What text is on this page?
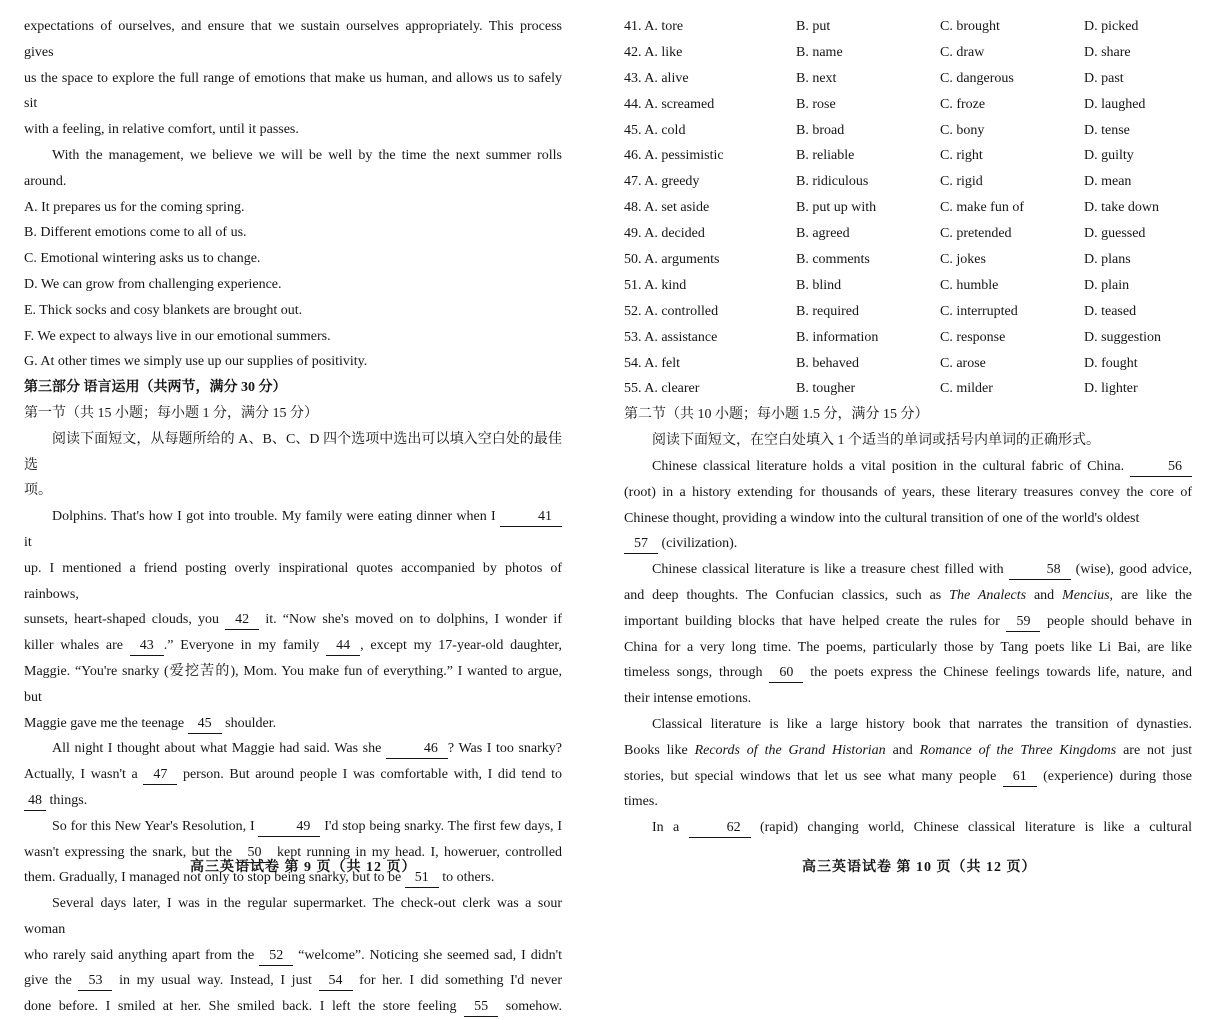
expectations of ourselves, and ensure that we sustain ourselves appropriately. This process gives

us the space to explore the full range of emotions that make us human, and allows us to safely sit

with a feeling, in relative comfort, until it passes.

With the management, we believe we will be well by the time the next summer rolls

around.

A. It prepares us for the coming spring.

B. Different emotions come to all of us.

C. Emotional wintering asks us to change.

D. We can grow from challenging experience.

E. Thick socks and cosy blankets are brought out.

F. We expect to always live in our emotional summers.

G. At other times we simply use up our supplies of positivity.

第三部分 语言运用（共两节，满分 30 分）

第一节（共 15 小题；每小题 1 分，满分 15 分）

阅读下面短文，从每题所给的 A、B、C、D 四个选项中选出可以填入空白处的最佳选

项。

Dolphins. That's how I got into trouble. My family were eating dinner when I	41 it

up. I mentioned a friend posting overly inspirational quotes accompanied by photos of rainbows,

sunsets, heart-shaped clouds, you 42 it. “Now she's moved on to dolphins, I wonder if

killer whales are 43 .” Everyone in my family 44 , except my 17-year-old daughter,

Maggie. “You're snarky (爱挖苦的), Mom. You make fun of everything.” I wanted to argue, but

Maggie gave me the teenage 45 shoulder.

All night I thought about what Maggie had said. Was she	46 ? Was I too snarky?

Actually, I wasn't a 47 person. But around people I was comfortable with, I did tend to

48 things.

So for this New Year's Resolution, I	49 I'd stop being snarky. The first few days, I

wasn't expressing the snark, but the 50 kept running in my head. I, howeruer, controlled

them. Gradually, I managed not only to stop being snarky, but to be 51 to others.

Several days later, I was in the regular supermarket. The check-out clerk was a sour woman

who rarely said anything apart from the 52 “welcome”. Noticing she seemed sad, I didn't

give the 53 in my usual way. Instead, I just 54 for her. I did something I'd never

done before. I smiled at her. She smiled back. I left the store feeling 55 somehow.

41. A. tore	B. put	C. brought	D. picked
42. A. like	B. name	C. draw	D. share
43. A. alive	B. next	C. dangerous	D. past
44. A. screamed	B. rose	C. froze	D. laughed
45. A. cold	B. broad	C. bony	D. tense
46. A. pessimistic	B. reliable	C. right	D. guilty
47. A. greedy	B. ridiculous	C. rigid	D. mean
48. A. set aside	B. put up with	C. make fun of	D. take down
49. A. decided	B. agreed	C. pretended	D. guessed
50. A. arguments	B. comments	C. jokes	D. plans
51. A. kind	B. blind	C. humble	D. plain
52. A. controlled	B. required	C. interrupted	D. teased
53. A. assistance	B. information	C. response	D. suggestion
54. A. felt	B. behaved	C. arose	D. fought
55. A. clearer	B. tougher	C. milder	D. lighter

第二节（共 10 小题；每小题 1.5 分，满分 15 分）

阅读下面短文，在空白处填入 1 个适当的单词或括号内单词的正确形式。

Chinese classical literature holds a vital position in the cultural fabric of China.	56

(root) in a history extending for thousands of years, these literary treasures convey the core of

Chinese thought, providing a window into the cultural transition of one of the world's oldest

57 (civilization).

Chinese classical literature is like a treasure chest filled with	58 (wise), good advice,

and deep thoughts. The Confucian classics, such as The Analects and Mencius, are like the

important building blocks that have helped create the rules for 59 people should behave in

China for a very long time. The poems, particularly those by Tang poets like Li Bai, are like

timeless songs, through 60 the poets express the Chinese feelings towards life, nature, and

their intense emotions.

Classical literature is like a large history book that narrates the transition of dynasties.

Books like Records of the Grand Historian and Romance of the Three Kingdoms are not just

stories, but special windows that let us see what many people 61 (experience) during those

times.

In a	62 (rapid) changing world, Chinese classical literature is like a cultural

高三英语试卷 第 9 页（共 12 页）	高三英语试卷 第 10 页（共 12 页）
